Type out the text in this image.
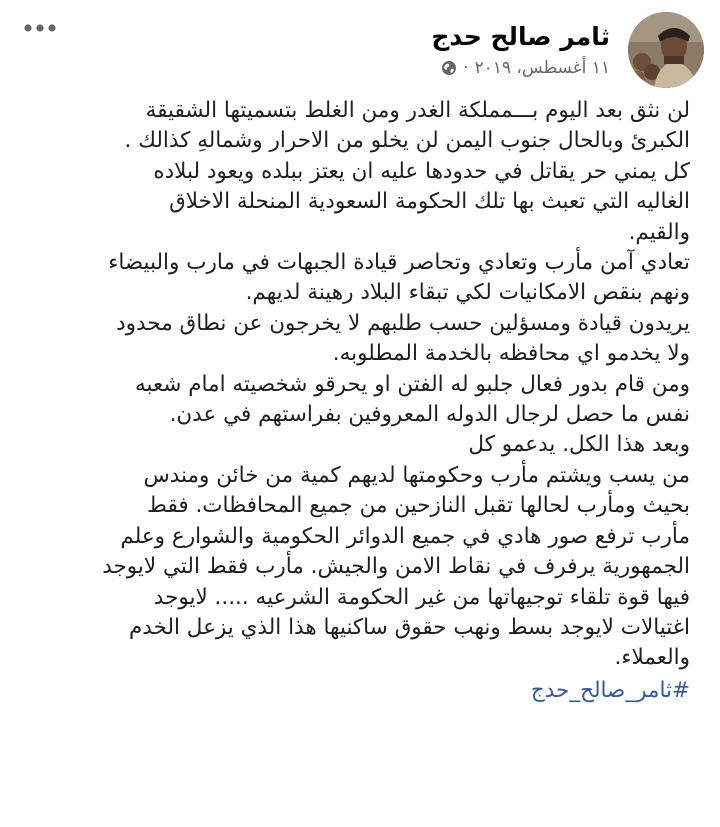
ثامر صالح حدج
١١ أغسطس، ٢٠١٩
·
لن نثق بعد اليوم بـــمملكة الغدر ومن الغلط بتسميتها الشقيقة
الكبرئ وبالحال جنوب اليمن لن يخلو من الاحرار وشمالهِ كذالك .
كل يمني حر يقاتل في حدودها عليه ان يعتز ببلده ويعود لبلاده
الغاليه التي تعبث بها تلك الحكومة السعودية المنحلة الاخلاق
والقيم.
تعادي آمن مأرب وتعادي وتحاصر قيادة الجبهات في مارب والبيضاء
ونهم بنقص الامكانيات لكي تبقاء البلاد رهينة لديهم.
يريدون قيادة ومسؤلين حسب طلبهم لا يخرجون عن نطاق محدود
ولا يخدمو اي محافظه بالخدمة المطلوبه.
ومن قام بدور فعال جلبو له الفتن او يحرقو شخصيته امام شعبه
نفس ما حصل لرجال الدوله المعروفين بفراستهم في عدن.
وبعد هذا الكل. يدعمو كل
من يسب ويشتم مأرب وحكومتها لديهم كمية من خائن ومندس
بحيث ومأرب لحالها تقبل النازحين من جميع المحافظات. فقط
مأرب ترفع صور هادي في جميع الدوائر الحكومية والشوارع وعلم
الجمهورية يرفرف في نقاط الامن والجيش. مأرب فقط التي لايوجد
فيها قوة تلقاء توجيهاتها من غير الحكومة الشرعيه ..... لايوجد
اغتيالات لايوجد بسط ونهب حقوق ساكنيها هذا الذي يزعل الخدم
والعملاء.
#ثامر_صالح_حدج
